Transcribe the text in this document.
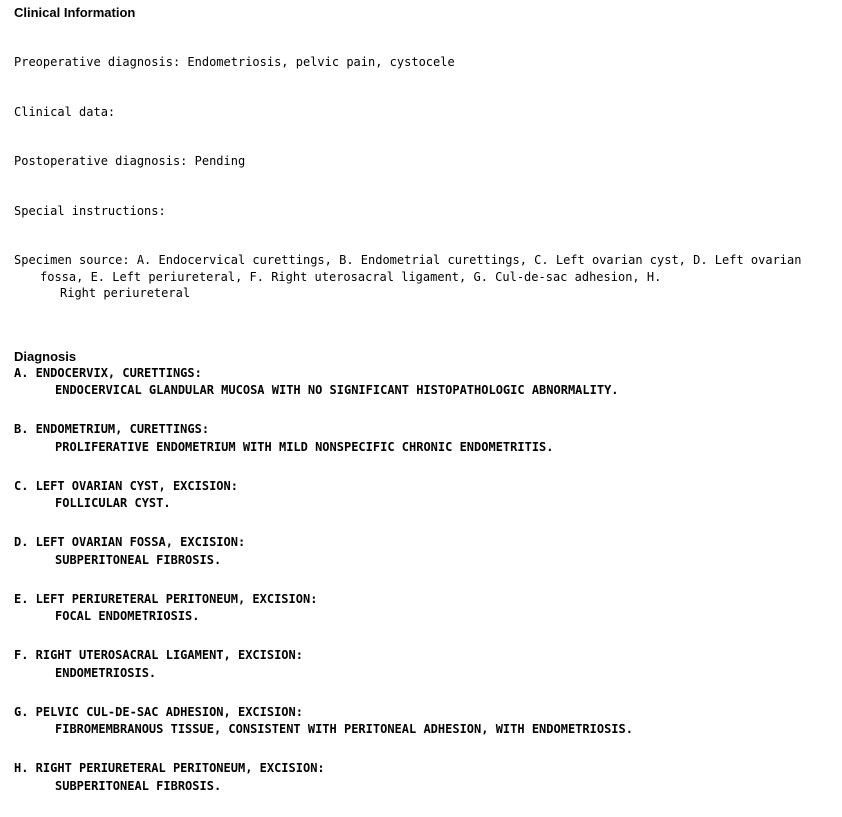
Clinical Information

Preoperative diagnosis: Endometriosis, pelvic pain, cystocele

Clinical data:

Postoperative diagnosis: Pending

Special instructions:

Specimen source: A. Endocervical curettings, B. Endometrial curettings, C. Left ovarian cyst, D. Left ovarian fossa, E. Left periureteral, F. Right uterosacral ligament, G. Cul-de-sac adhesion, H.
Right periureteral

Diagnosis
A. ENDOCERVIX, CURETTINGS:
ENDOCERVICAL GLANDULAR MUCOSA WITH NO SIGNIFICANT HISTOPATHOLOGIC ABNORMALITY.
B. ENDOMETRIUM, CURETTINGS:
PROLIFERATIVE ENDOMETRIUM WITH MILD NONSPECIFIC CHRONIC ENDOMETRITIS.
C. LEFT OVARIAN CYST, EXCISION:
FOLLICULAR CYST.
D. LEFT OVARIAN FOSSA, EXCISION:
SUBPERITONEAL FIBROSIS.
E. LEFT PERIURETERAL PERITONEUM, EXCISION:
FOCAL ENDOMETRIOSIS.
F. RIGHT UTEROSACRAL LIGAMENT, EXCISION:
ENDOMETRIOSIS.
G. PELVIC CUL-DE-SAC ADHESION, EXCISION:
FIBROMEMBRANOUS TISSUE, CONSISTENT WITH PERITONEAL ADHESION, WITH ENDOMETRIOSIS.
H. RIGHT PERIURETERAL PERITONEUM, EXCISION:
SUBPERITONEAL FIBROSIS.
